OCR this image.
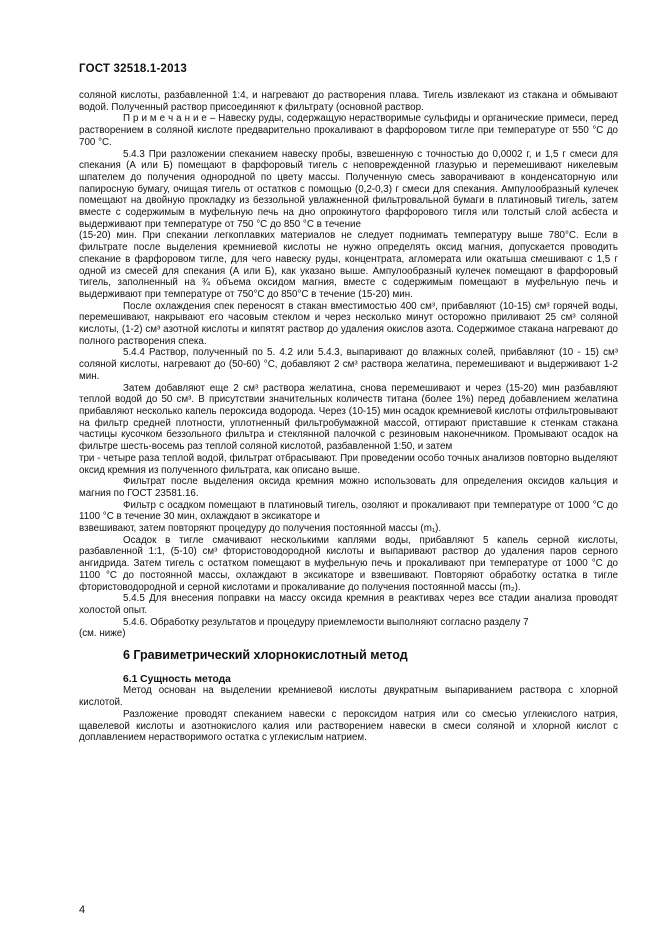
ГОСТ 32518.1-2013

соляной кислоты, разбавленной 1:4, и нагревают до растворения плава. Тигель извлекают из стакана и обмывают водой. Полученный раствор присоединяют к фильтрату (основной раствор.

П р и м е ч а н и е – Навеску руды, содержащую нерастворимые сульфиды и органические примеси, перед растворением в соляной кислоте предварительно прокаливают в фарфоровом тигле при температуре от 550 °C до 700 °C.

5.4.3 При разложении спеканием навеску пробы, взвешенную с точностью до 0,0002 г, и 1,5 г смеси для спекания (А или Б) помещают в фарфоровый тигель с неповрежденной глазурью и перемешивают никелевым шпателем до получения однородной по цвету массы. Полученную смесь заворачивают в конденсаторную или папиросную бумагу, очищая тигель от остатков с помощью (0,2-0,3) г смеси для спекания. Ампулообразный кулечек помещают на двойную прокладку из беззольной увлажненной фильтровальной бумаги в платиновый тигель, затем вместе с содержимым в муфельную печь на дно опрокинутого фарфорового тигля или толстый слой асбеста и выдерживают при температуре от 750 °C до 850 °C в течение

(15-20) мин. При спекании легкоплавких материалов не следует поднимать температуру выше 780°C. Если в фильтрате после выделения кремниевой кислоты не нужно определять оксид магния, допускается проводить спекание в фарфоровом тигле, для чего навеску руды, концентрата, агломерата или окатыша смешивают с 1,5 г одной из смесей для спекания (А или Б), как указано выше. Ампулообразный кулечек помещают в фарфоровый тигель, заполненный на ¾ объема оксидом магния, вместе с содержимым помещают в муфельную печь и выдерживают при температуре от 750°C до 850°C в течение (15-20) мин.

После охлаждения спек переносят в стакан вместимостью 400 см³, прибавляют (10-15) см³ горячей воды, перемешивают, накрывают его часовым стеклом и через несколько минут осторожно приливают 25 см³ соляной кислоты, (1-2) см³ азотной кислоты и кипятят раствор до удаления окислов азота. Содержимое стакана нагревают до полного растворения спека.

5.4.4 Раствор, полученный по 5. 4.2 или 5.4.3, выпаривают до влажных солей, прибавляют (10 - 15) см³ соляной кислоты, нагревают до (50-60) °C, добавляют 2 см³ раствора желатина, перемешивают и выдерживают 1-2 мин.

Затем добавляют еще 2 см³ раствора желатина, снова перемешивают и через (15-20) мин разбавляют теплой водой до 50 см³. В присутствии значительных количеств титана (более 1%) перед добавлением желатина прибавляют несколько капель пероксида водорода. Через (10-15) мин осадок кремниевой кислоты отфильтровывают на фильтр средней плотности, уплотненный фильтробумажной массой, оттирают приставшие к стенкам стакана частицы кусочком беззольного фильтра и стеклянной палочкой с резиновым наконечником. Промывают осадок на фильтре шесть-восемь раз теплой соляной кислотой, разбавленной 1:50, и затем

три - четыре раза теплой водой, фильтрат отбрасывают. При проведении особо точных анализов повторно выделяют оксид кремния из полученного фильтрата, как описано выше.

Фильтрат после выделения оксида кремния можно использовать для определения оксидов кальция и магния по ГОСТ 23581.16.

Фильтр с осадком помещают в платиновый тигель, озоляют и прокаливают при температуре от 1000 °C до 1100 °C в течение 30 мин, охлаждают в эксикаторе и

взвешивают, затем повторяют процедуру до получения постоянной массы (m₁).

Осадок в тигле смачивают несколькими каплями воды, прибавляют 5 капель серной кислоты, разбавленной 1:1, (5-10) см³ фтористоводородной кислоты и выпаривают раствор до удаления паров серного ангидрида. Затем тигель с остатком помещают в муфельную печь и прокаливают при температуре от 1000 °C до 1100 °C до постоянной массы, охлаждают в эксикаторе и взвешивают. Повторяют обработку остатка в тигле фтористоводородной и серной кислотами и прокаливание до получения постоянной массы (m₂).

5.4.5 Для внесения поправки на массу оксида кремния в реактивах через все стадии анализа проводят холостой опыт.

5.4.6. Обработку результатов и процедуру приемлемости выполняют согласно разделу 7

(см. ниже)

6 Гравиметрический хлорнокислотный метод

6.1 Сущность метода

Метод основан на выделении кремниевой кислоты двукратным выпариванием раствора с хлорной кислотой.

Разложение проводят спеканием навески с пероксидом натрия или со смесью углекислого натрия, щавелевой кислоты и азотнокислого калия или растворением навески в смеси соляной и хлорной кислот с доплавлением нерастворимого остатка с углекислым натрием.

4
